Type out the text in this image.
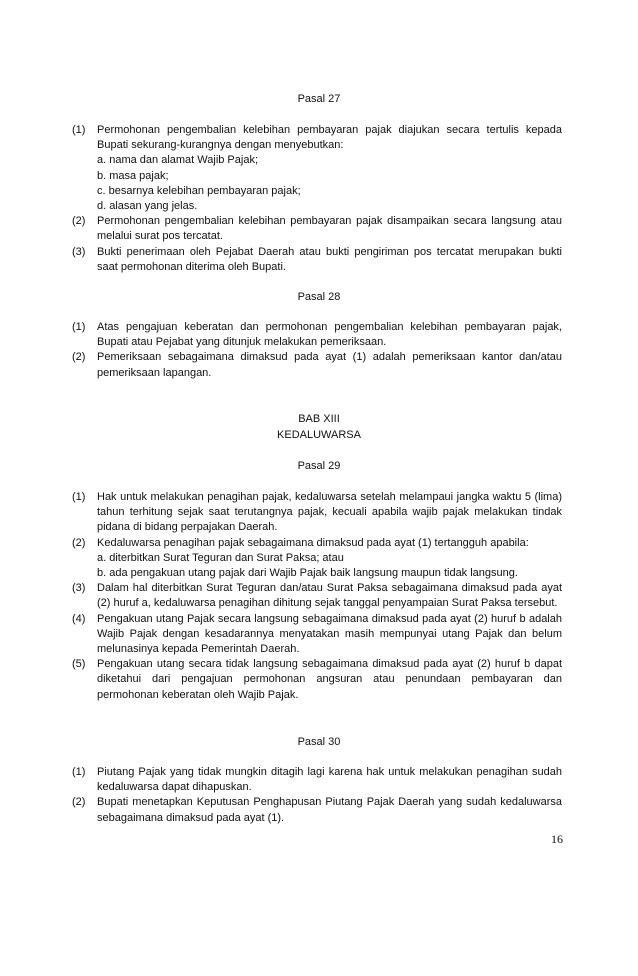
Pasal 27
(1) Permohonan pengembalian kelebihan pembayaran pajak diajukan secara tertulis kepada Bupati sekurang-kurangnya dengan menyebutkan:
a. nama dan alamat Wajib Pajak;
b. masa pajak;
c. besarnya kelebihan pembayaran pajak;
d. alasan yang jelas.
(2) Permohonan pengembalian kelebihan pembayaran pajak disampaikan secara langsung atau melalui surat pos tercatat.
(3) Bukti penerimaan oleh Pejabat Daerah atau bukti pengiriman pos tercatat merupakan bukti saat permohonan diterima oleh Bupati.
Pasal 28
(1) Atas pengajuan keberatan dan permohonan pengembalian kelebihan pembayaran pajak, Bupati atau Pejabat yang ditunjuk melakukan pemeriksaan.
(2) Pemeriksaan sebagaimana dimaksud pada ayat (1) adalah pemeriksaan kantor dan/atau pemeriksaan lapangan.
BAB XIII
KEDALUWARSA
Pasal 29
(1) Hak untuk melakukan penagihan pajak, kedaluwarsa setelah melampaui jangka waktu 5 (lima) tahun terhitung sejak saat terutangnya pajak, kecuali apabila wajib pajak melakukan tindak pidana di bidang perpajakan Daerah.
(2) Kedaluwarsa penagihan pajak sebagaimana dimaksud pada ayat (1) tertangguh apabila:
a. diterbitkan Surat Teguran dan Surat Paksa; atau
b. ada pengakuan utang pajak dari Wajib Pajak baik langsung maupun tidak langsung.
(3) Dalam hal diterbitkan Surat Teguran dan/atau Surat Paksa sebagaimana dimaksud pada ayat (2) huruf a, kedaluwarsa penagihan dihitung sejak tanggal penyampaian Surat Paksa tersebut.
(4) Pengakuan utang Pajak secara langsung sebagaimana dimaksud pada ayat (2) huruf b adalah Wajib Pajak dengan kesadarannya menyatakan masih mempunyai utang Pajak dan belum melunasinya kepada Pemerintah Daerah.
(5) Pengakuan utang secara tidak langsung sebagaimana dimaksud pada ayat (2) huruf b dapat diketahui dari pengajuan permohonan angsuran atau penundaan pembayaran dan permohonan keberatan oleh Wajib Pajak.
Pasal 30
(1) Piutang Pajak yang tidak mungkin ditagih lagi karena hak untuk melakukan penagihan sudah kedaluwarsa dapat dihapuskan.
(2) Bupati menetapkan Keputusan Penghapusan Piutang Pajak Daerah yang sudah kedaluwarsa sebagaimana dimaksud pada ayat (1).
16
